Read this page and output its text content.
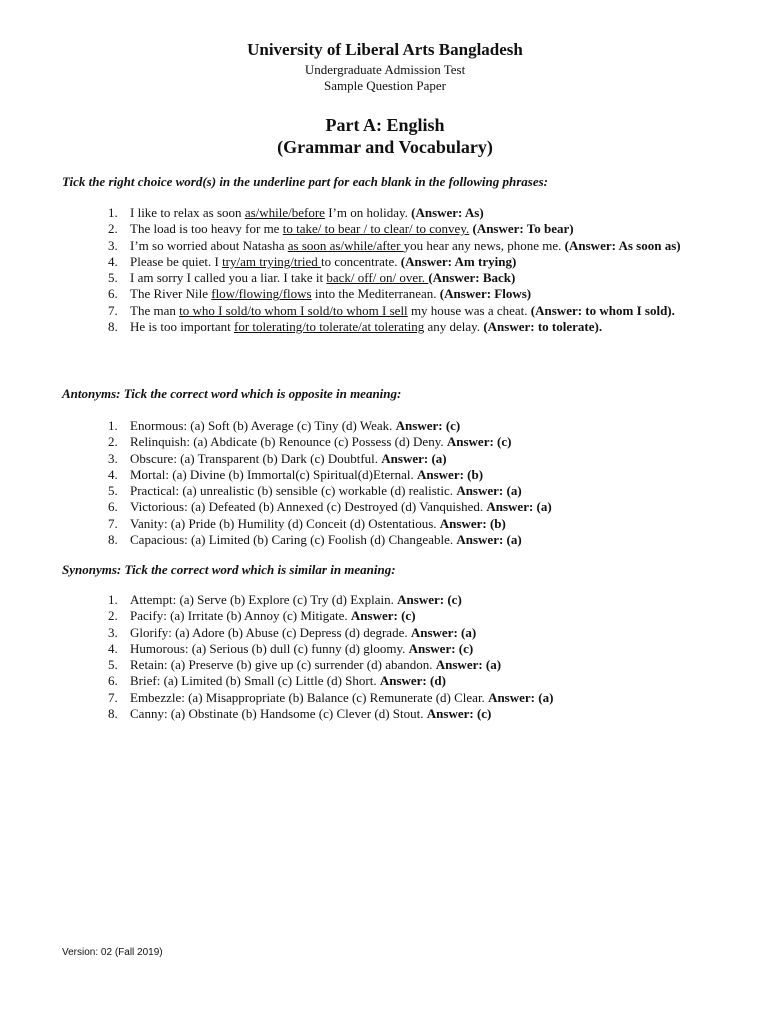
University of Liberal Arts Bangladesh
Undergraduate Admission Test
Sample Question Paper
Part A: English
(Grammar and Vocabulary)
Tick the right choice word(s) in the underline part for each blank in the following phrases:
1. I like to relax as soon as/while/before I’m on holiday. (Answer: As)
2. The load is too heavy for me to take/ to bear / to clear/ to convey. (Answer: To bear)
3. I’m so worried about Natasha as soon as/while/after you hear any news, phone me. (Answer: As soon as)
4. Please be quiet. I try/am trying/tried to concentrate. (Answer: Am trying)
5. I am sorry I called you a liar. I take it back/ off/ on/ over. (Answer: Back)
6. The River Nile flow/flowing/flows into the Mediterranean. (Answer: Flows)
7. The man to who I sold/to whom I sold/to whom I sell my house was a cheat. (Answer: to whom I sold).
8. He is too important for tolerating/to tolerate/at tolerating any delay. (Answer: to tolerate).
Antonyms: Tick the correct word which is opposite in meaning:
1. Enormous: (a) Soft (b) Average (c) Tiny (d) Weak. Answer: (c)
2. Relinquish: (a) Abdicate (b) Renounce (c) Possess (d) Deny. Answer: (c)
3. Obscure: (a) Transparent (b) Dark (c) Doubtful. Answer: (a)
4. Mortal: (a) Divine (b) Immortal(c) Spiritual(d)Eternal. Answer: (b)
5. Practical: (a) unrealistic (b) sensible (c) workable (d) realistic. Answer: (a)
6. Victorious: (a) Defeated (b) Annexed (c) Destroyed (d) Vanquished. Answer: (a)
7. Vanity: (a) Pride (b) Humility (d) Conceit (d) Ostentatious. Answer: (b)
8. Capacious: (a) Limited (b) Caring (c) Foolish (d) Changeable. Answer: (a)
Synonyms: Tick the correct word which is similar in meaning:
1. Attempt: (a) Serve (b) Explore (c) Try (d) Explain. Answer: (c)
2. Pacify: (a) Irritate (b) Annoy (c) Mitigate. Answer: (c)
3. Glorify: (a) Adore (b) Abuse (c) Depress (d) degrade. Answer: (a)
4. Humorous: (a) Serious (b) dull (c) funny (d) gloomy. Answer: (c)
5. Retain: (a) Preserve (b) give up (c) surrender (d) abandon. Answer: (a)
6. Brief: (a) Limited (b) Small (c) Little (d) Short. Answer: (d)
7. Embezzle: (a) Misappropriate (b) Balance (c) Remunerate (d) Clear. Answer: (a)
8. Canny: (a) Obstinate (b) Handsome (c) Clever (d) Stout. Answer: (c)
Version: 02 (Fall 2019)
